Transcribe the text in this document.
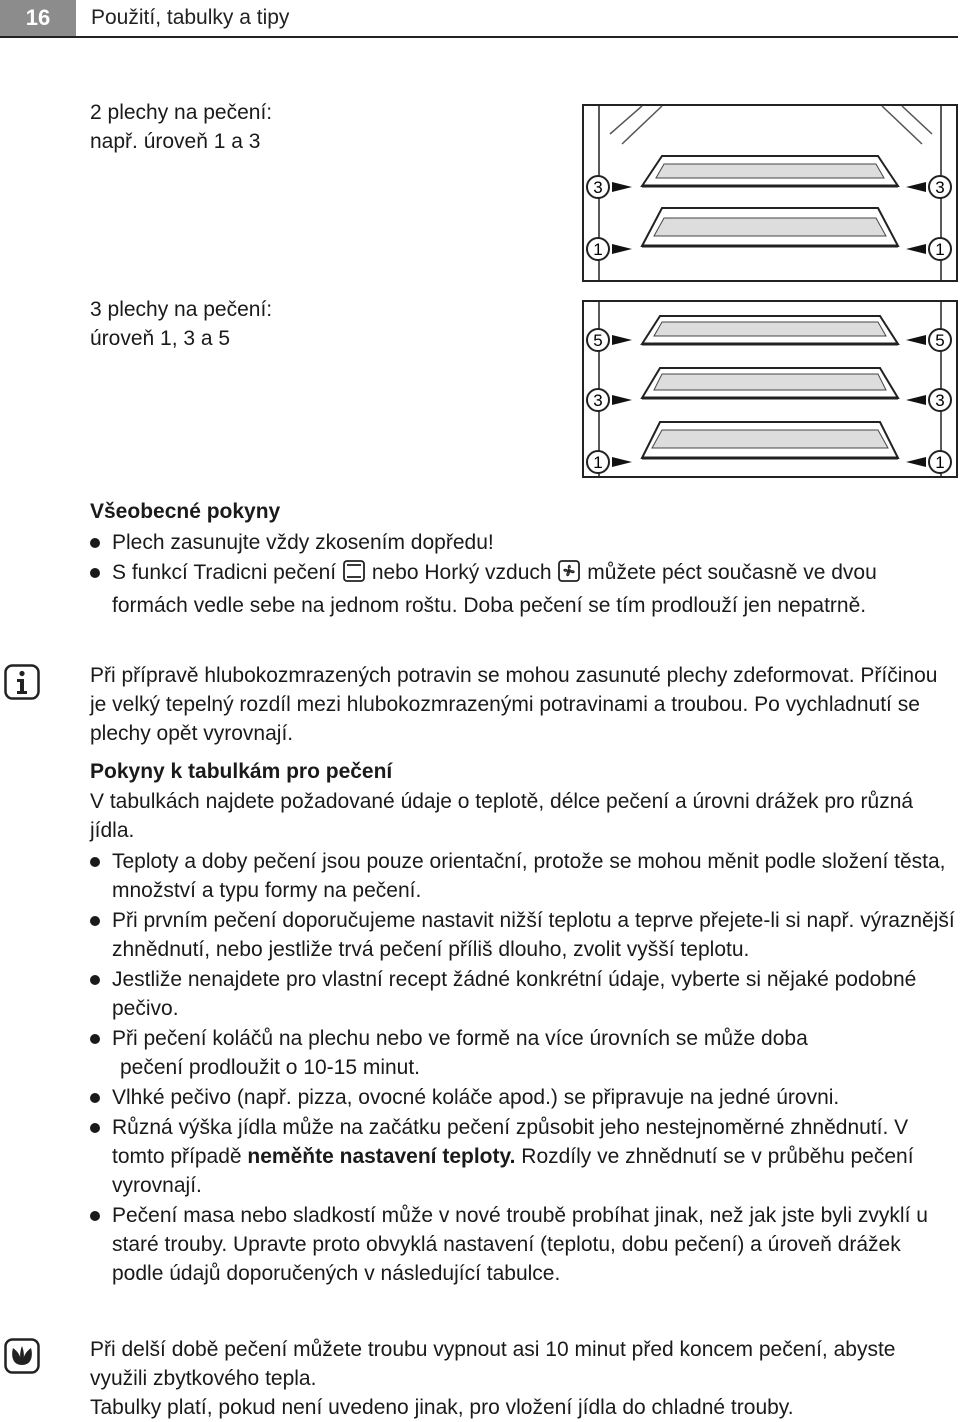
16	Použití, tabulky a tipy
2 plechy na pečení:
např. úroveň 1 a 3
3
1
3
1
3 plechy na pečení:
úroveň 1, 3 a 5	5
3
1
5
3
1
Všeobecné pokyny
Plech zasunujte vždy zkosením dopředu!
S funkcí Tradicni pečení nebo Horký vzduch můžete péct současně ve dvou formách vedle sebe na jednom roštu. Doba pečení se tím prodlouží jen nepatrně.
Při přípravě hlubokozmrazených potravin se mohou zasunuté plechy zdeformovat. Příčinou je velký tepelný rozdíl mezi hlubokozmrazenými potravinami a troubou. Po vychladnutí se plechy opět vyrovnají.
Pokyny k tabulkám pro pečení
V tabulkách najdete požadované údaje o teplotě, délce pečení a úrovni drážek pro různá jídla.
Teploty a doby pečení jsou pouze orientační, protože se mohou měnit podle složení těsta, množství a typu formy na pečení.
Při prvním pečení doporučujeme nastavit nižší teplotu a teprve přejete-li si např. výraznější zhnědnutí, nebo jestliže trvá pečení příliš dlouho, zvolit vyšší teplotu.
Jestliže nenajdete pro vlastní recept žádné konkrétní údaje, vyberte si nějaké podobné pečivo.
Při pečení koláčů na plechu nebo ve formě na více úrovních se může doba
pečení prodloužit o 10-15 minut.
Vlhké pečivo (např. pizza, ovocné koláče apod.) se připravuje na jedné úrovni.
Různá výška jídla může na začátku pečení způsobit jeho nestejnoměrné zhnědnutí. V tomto případě neměňte nastavení teploty. Rozdíly ve zhnědnutí se v průběhu pečení vyrovnají.
Pečení masa nebo sladkostí může v nové troubě probíhat jinak, než jak jste byli zvyklí u staré trouby. Upravte proto obvyklá nastavení (teplotu, dobu pečení) a úroveň drážek podle údajů doporučených v následující tabulce.
Při delší době pečení můžete troubu vypnout asi 10 minut před koncem pečení, abyste využili zbytkového tepla.
Tabulky platí, pokud není uvedeno jinak, pro vložení jídla do chladné trouby.
